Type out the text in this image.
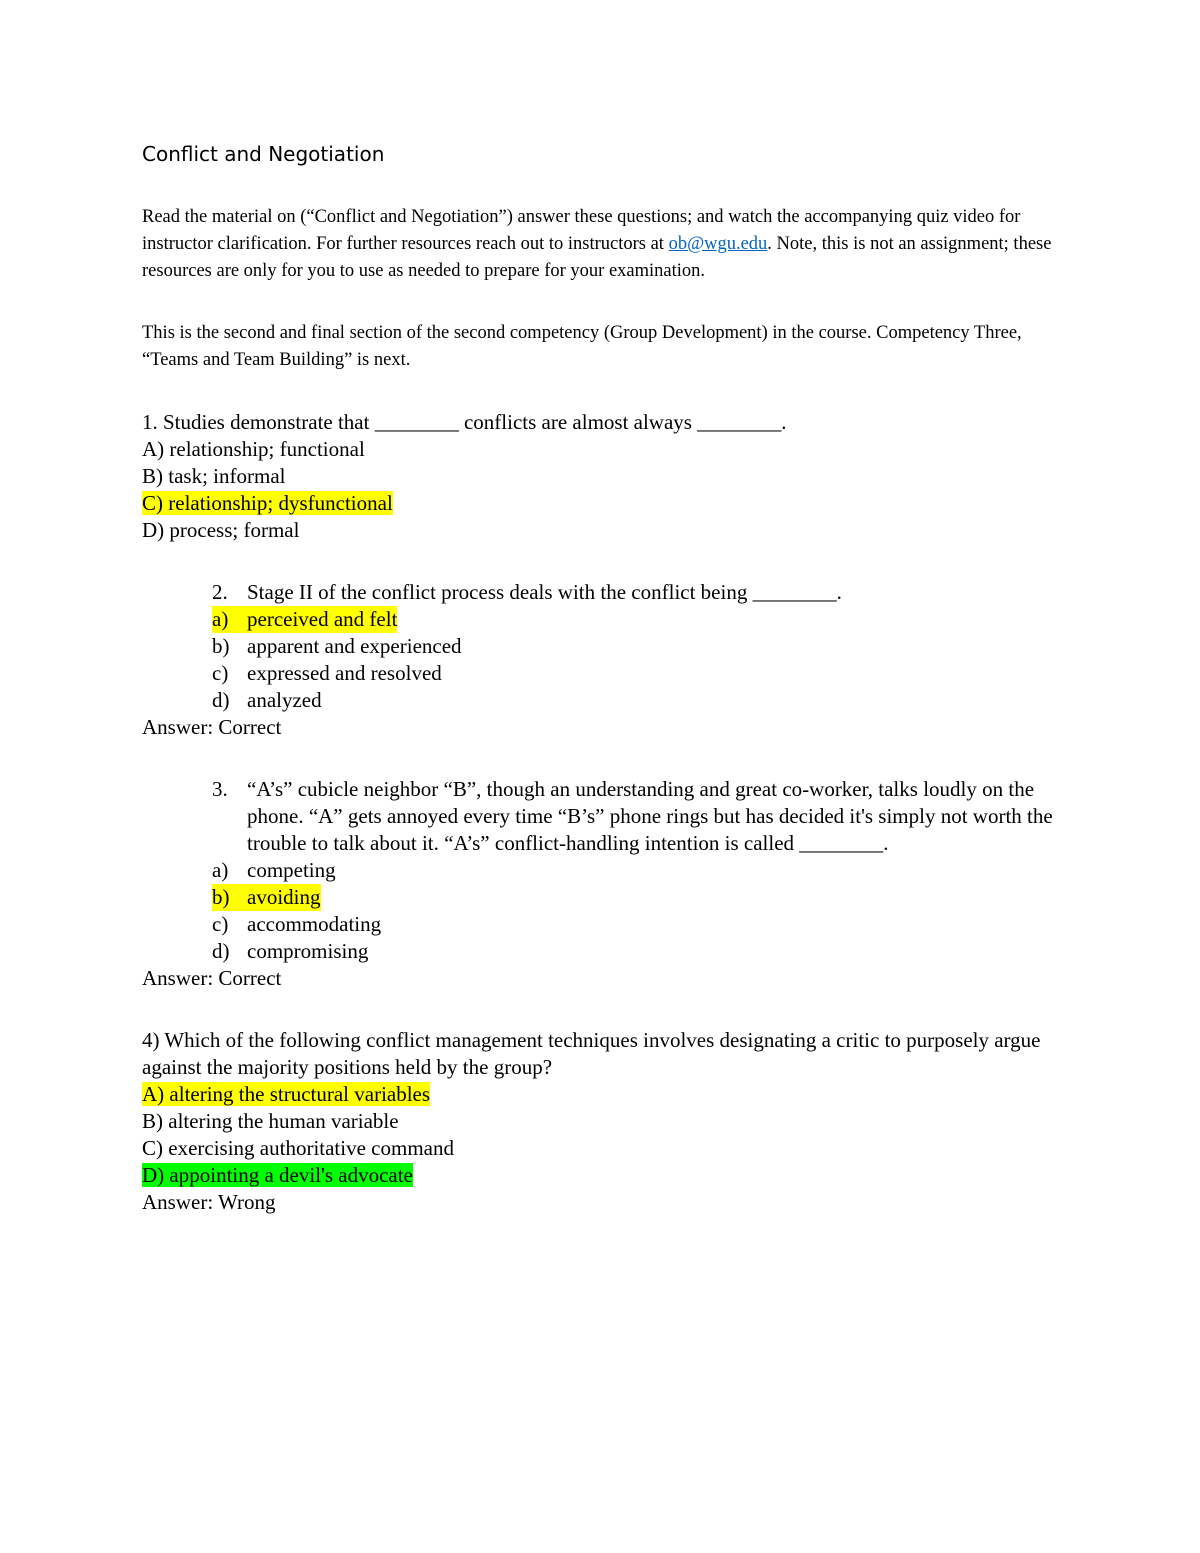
Conflict and Negotiation

Read the material on (“Conflict and Negotiation”) answer these questions; and watch the accompanying quiz video for instructor clarification. For further resources reach out to instructors at ob@wgu.edu. Note, this is not an assignment; these resources are only for you to use as needed to prepare for your examination.

This is the second and final section of the second competency (Group Development) in the course. Competency Three, “Teams and Team Building” is next.

1. Studies demonstrate that ________ conflicts are almost always ________.

A) relationship; functional

B) task; informal

C) relationship; dysfunctional

D) process; formal

2. Stage II of the conflict process deals with the conflict being ________.
a) perceived and felt
b) apparent and experienced
c) expressed and resolved
d) analyzed

Answer: Correct

3. “A’s” cubicle neighbor “B”, though an understanding and great co-worker, talks loudly on the phone. “A” gets annoyed every time “B’s” phone rings but has decided it's simply not worth the trouble to talk about it. “A’s” conflict-handling intention is called ________.
a) competing
b) avoiding
c) accommodating
d) compromising

Answer: Correct

4) Which of the following conflict management techniques involves designating a critic to purposely argue against the majority positions held by the group?

A) altering the structural variables

B) altering the human variable

C) exercising authoritative command

D) appointing a devil's advocate

Answer: Wrong
